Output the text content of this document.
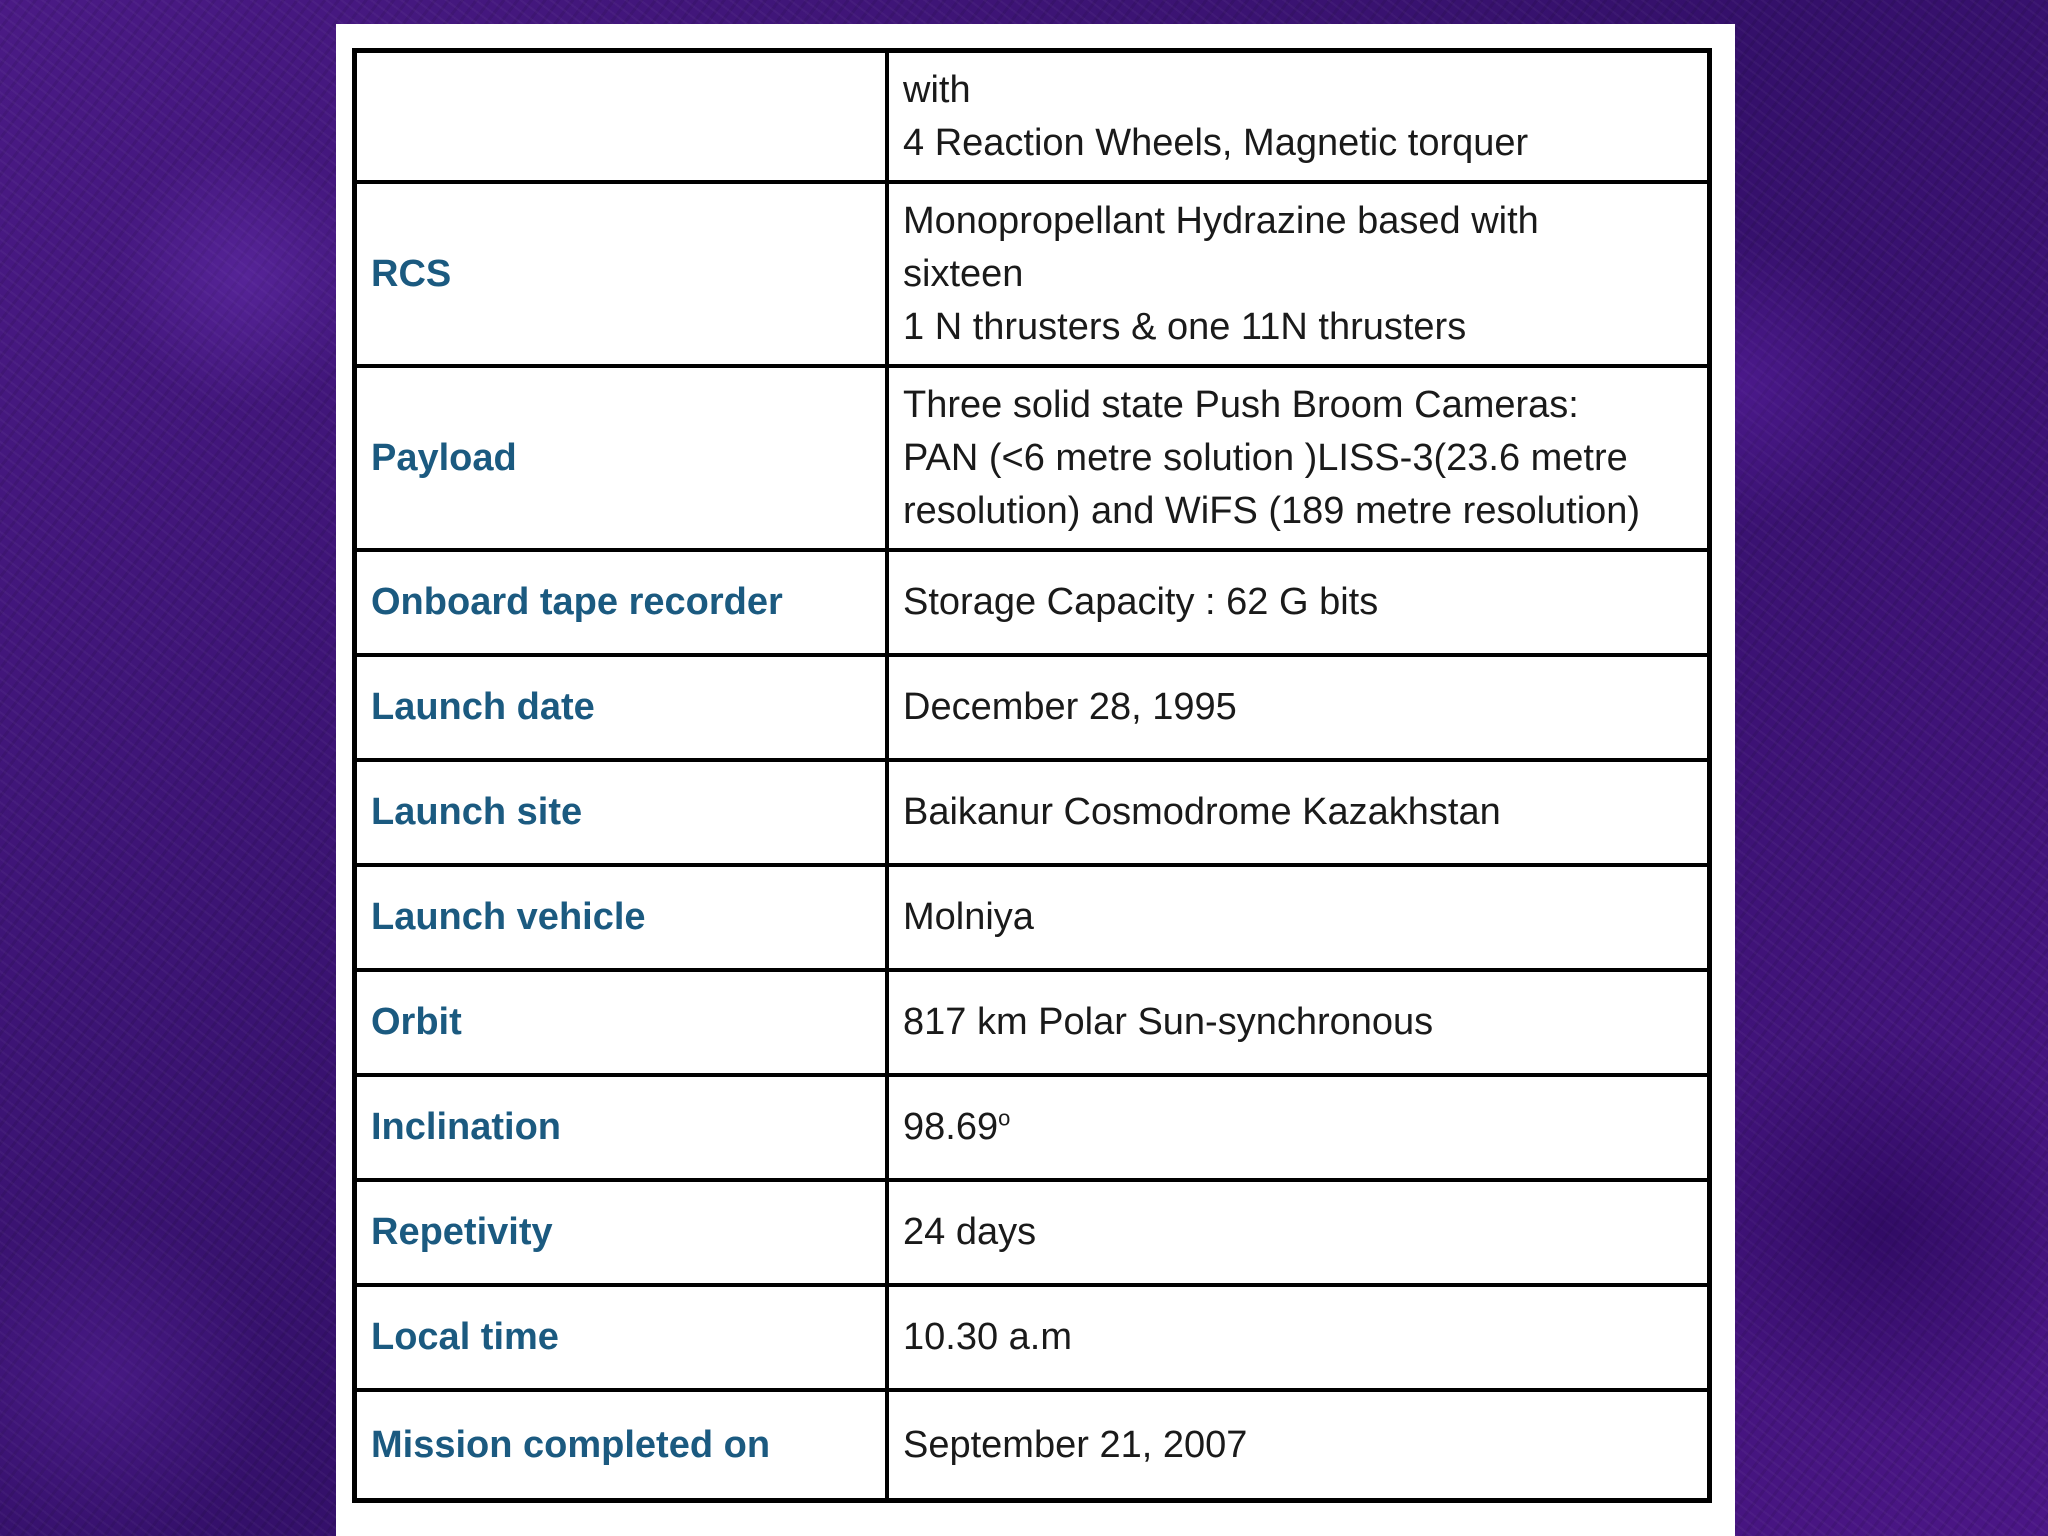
	with
4 Reaction Wheels, Magnetic torquer

RCS	Monopropellant Hydrazine based with
sixteen
1 N thrusters & one 11N thrusters

Payload	Three solid state Push Broom Cameras:
PAN (<6 metre solution )LISS-3(23.6 metre
resolution) and WiFS (189 metre resolution)

Onboard tape recorder	Storage Capacity : 62 G bits
Launch date	December 28, 1995
Launch site	Baikanur Cosmodrome Kazakhstan
Launch vehicle	Molniya
Orbit	817 km Polar Sun-synchronous
Inclination	98.69$^o$
Repetivity	24 days
Local time	10.30 a.m
Mission completed on	September 21, 2007
